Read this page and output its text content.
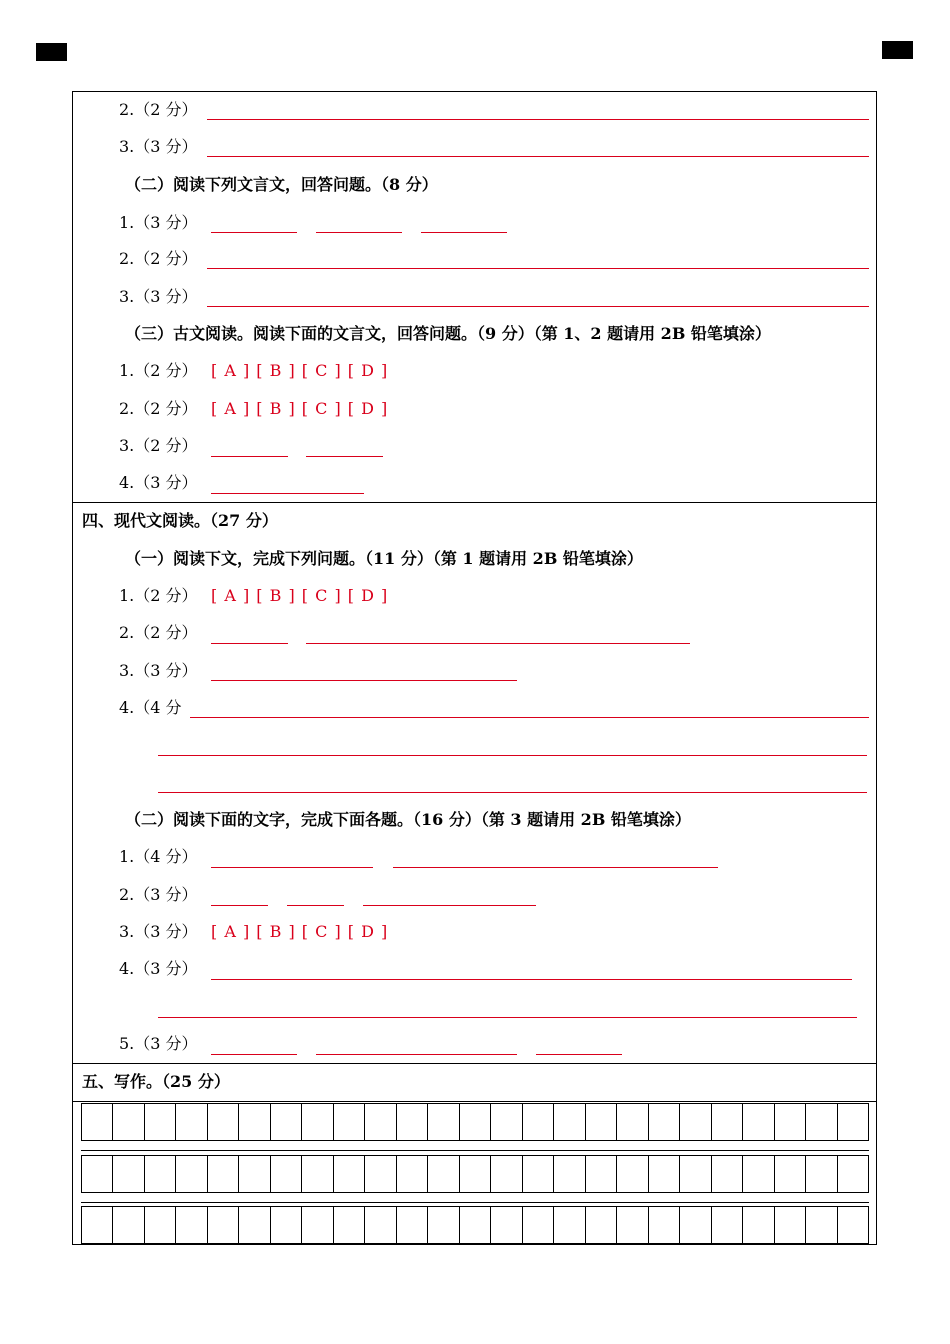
2.（2 分）
3.（3 分）
（二）阅读下列文言文，回答问题。（8 分）
1.（3 分）
2.（2 分）
3.（3 分）
（三）古文阅读。阅读下面的文言文，回答问题。（9 分）（第 1、2 题请用 2B 铅笔填涂）
1.（2 分） [ A ] [ B ] [ C ] [ D ]
2.（2 分） [ A ] [ B ] [ C ] [ D ]
3.（2 分）
4.（3 分）
四、现代文阅读。（27 分）
（一）阅读下文，完成下列问题。（11 分）（第 1 题请用 2B 铅笔填涂）
1.（2 分） [ A ] [ B ] [ C ] [ D ]
2.（2 分）
3.（3 分）
4.（4 分
（二）阅读下面的文字，完成下面各题。（16 分）（第 3 题请用 2B 铅笔填涂）
1.（4 分）
2.（3 分）
3.（3 分） [ A ] [ B ] [ C ] [ D ]
4.（3 分）
5.（3 分）
五、写作。（25 分）
